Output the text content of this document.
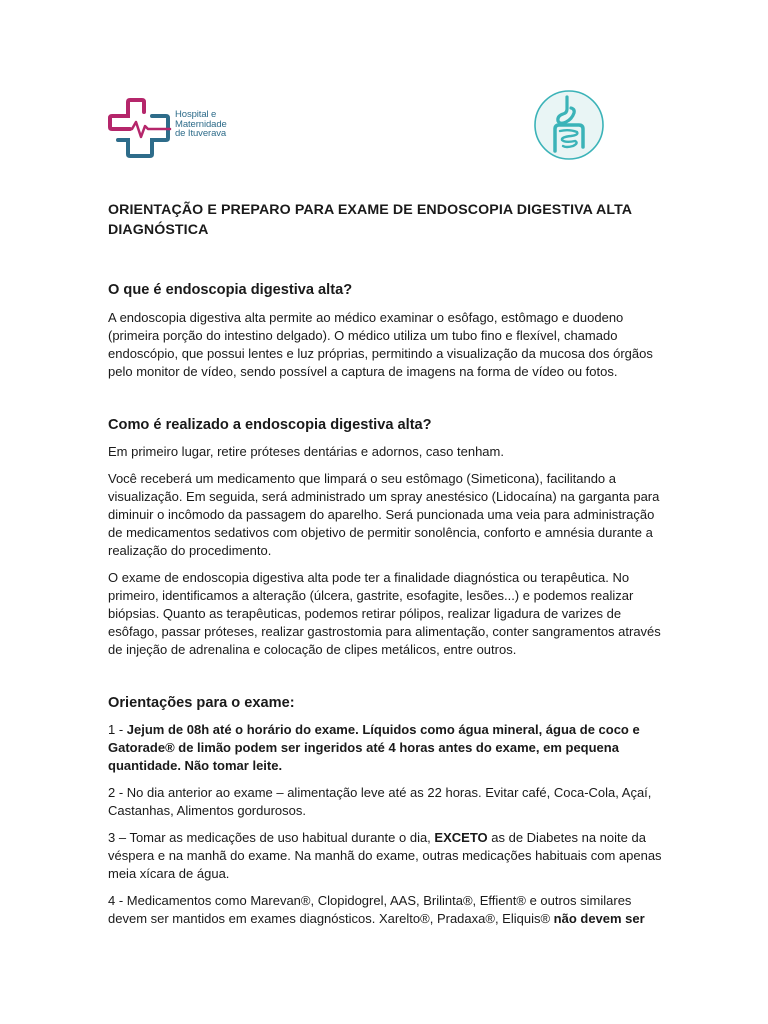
Hospital e
Maternidade
de Ituverava
ORIENTAÇÃO E PREPARO PARA EXAME DE ENDOSCOPIA DIGESTIVA ALTA DIAGNÓSTICA
O que é endoscopia digestiva alta?

A endoscopia digestiva alta permite ao médico examinar o esôfago, estômago e duodeno (primeira porção do intestino delgado). O médico utiliza um tubo fino e flexível, chamado endoscópio, que possui lentes e luz próprias, permitindo a visualização da mucosa dos órgãos pelo monitor de vídeo, sendo possível a captura de imagens na forma de vídeo ou fotos.

Como é realizado a endoscopia digestiva alta?

Em primeiro lugar, retire próteses dentárias e adornos, caso tenham.

Você receberá um medicamento que limpará o seu estômago (Simeticona), facilitando a visualização. Em seguida, será administrado um spray anestésico (Lidocaína) na garganta para diminuir o incômodo da passagem do aparelho. Será puncionada uma veia para administração de medicamentos sedativos com objetivo de permitir sonolência, conforto e amnésia durante a realização do procedimento.

O exame de endoscopia digestiva alta pode ter a finalidade diagnóstica ou terapêutica. No primeiro, identificamos a alteração (úlcera, gastrite, esofagite, lesões...) e podemos realizar biópsias. Quanto as terapêuticas, podemos retirar pólipos, realizar ligadura de varizes de esôfago, passar próteses, realizar gastrostomia para alimentação, conter sangramentos através de injeção de adrenalina e colocação de clipes metálicos, entre outros.

Orientações para o exame:

1 - Jejum de 08h até o horário do exame. Líquidos como água mineral, água de coco e Gatorade® de limão podem ser ingeridos até 4 horas antes do exame, em pequena quantidade. Não tomar leite.

2 - No dia anterior ao exame – alimentação leve até as 22 horas. Evitar café, Coca-Cola, Açaí, Castanhas, Alimentos gordurosos.

3 – Tomar as medicações de uso habitual durante o dia, EXCETO as de Diabetes na noite da véspera e na manhã do exame. Na manhã do exame, outras medicações habituais com apenas meia xícara de água.

4 - Medicamentos como Marevan®, Clopidogrel, AAS, Brilinta®, Effient® e outros similares devem ser mantidos em exames diagnósticos. Xarelto®, Pradaxa®, Eliquis® não devem ser
